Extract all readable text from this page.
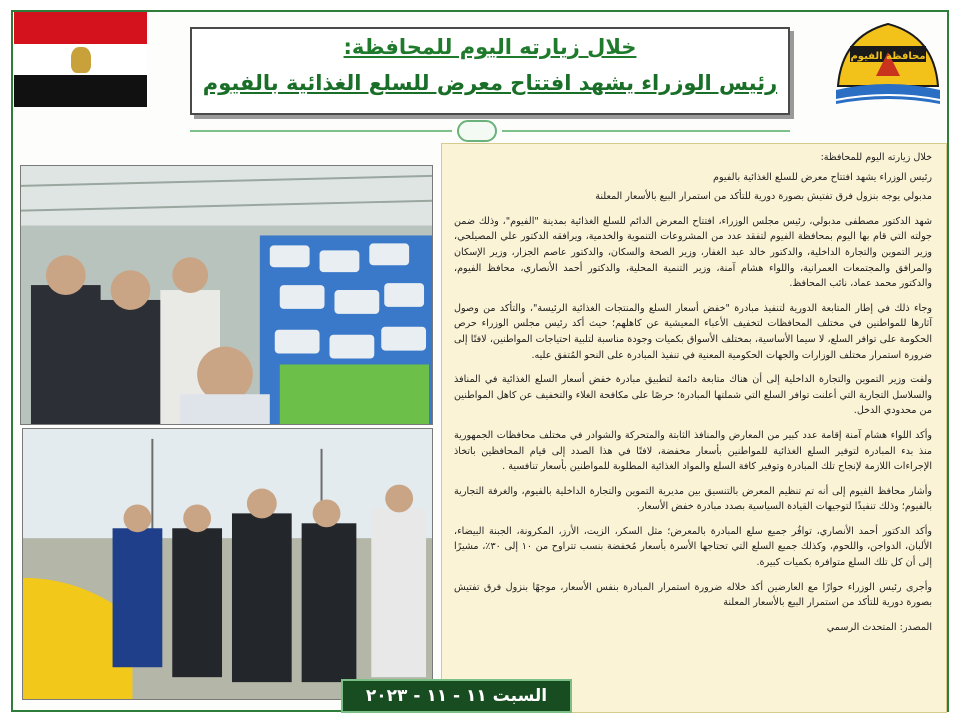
محافظة الفيوم
خلال زيارته اليوم للمحافظة:
رئيس الوزراء يشهد افتتاح معرض للسلع الغذائية بالفيوم

خلال زيارته اليوم للمحافظة:

رئيس الوزراء يشهد افتتاح معرض للسلع الغذائية بالفيوم

مدبولي يوجه بنزول فرق تفتيش بصورة دورية للتأكد من استمرار البيع بالأسعار المعلنة

شهد الدكتور مصطفى مدبولي، رئيس مجلس الوزراء، افتتاح المعرض الدائم للسلع الغذائية بمدينة "الفيوم"، وذلك ضمن جولته التي قام بها اليوم بمحافظة الفيوم لتفقد عدد من المشروعات التنموية والخدمية، ويرافقه الدكتور علي المصيلحي، وزير التموين والتجارة الداخلية، والدكتور خالد عبد الغفار، وزير الصحة والسكان، والدكتور عاصم الجزار، وزير الإسكان والمرافق والمجتمعات العمرانية، واللواء هشام آمنة، وزير التنمية المحلية، والدكتور أحمد الأنصاري، محافظ الفيوم، والدكتور محمد عماد، نائب المحافظ.

وجاء ذلك في إطار المتابعة الدورية لتنفيذ مبادرة "خفض أسعار السلع والمنتجات الغذائية الرئيسة"، والتأكد من وصول آثارها للمواطنين في مختلف المحافظات لتخفيف الأعباء المعيشية عن كاهلهم؛ حيث أكد رئيس مجلس الوزراء حرص الحكومة على توافر السلع، لا سيما الأساسية، بمختلف الأسواق بكميات وجودة مناسبة لتلبية احتياجات المواطنين، لافتًا إلى ضرورة استمرار مختلف الوزارات والجهات الحكومية المعنية في تنفيذ المبادرة على النحو المُتفق عليه.

ولفت وزير التموين والتجارة الداخلية إلى أن هناك متابعة دائمة لتطبيق مبادرة خفض أسعار السلع الغذائية في المنافذ والسلاسل التجارية التي أعلنت توافر السلع التي شملتها المبادرة؛ حرصًا على مكافحة الغلاء والتخفيف عن كاهل المواطنين من محدودي الدخل.

وأكد اللواء هشام آمنة إقامة عدد كبير من المعارض والمنافذ الثابتة والمتحركة والشوادر في مختلف محافظات الجمهورية منذ بدء المبادرة لتوفير السلع الغذائية للمواطنين بأسعار مخفضة، لافتًا في هذا الصدد إلى قيام المحافظين باتخاذ الإجراءات اللازمة لإنجاح تلك المبادرة وتوفير كافة السلع والمواد الغذائية المطلوبة للمواطنين بأسعار تنافسية .

وأشار محافظ الفيوم إلى أنه تم تنظيم المعرض بالتنسيق بين مديرية التموين والتجارة الداخلية بالفيوم، والغرفة التجارية بالفيوم؛ وذلك تنفيذًا لتوجيهات القيادة السياسية بصدد مبادرة خفض الأسعار.

وأكد الدكتور أحمد الأنصاري، توافُر جميع سلع المبادرة بالمعرض؛ مثل السكر، الزيت، الأرز، المكرونة، الجبنة البيضاء، الألبان، الدواجن، واللحوم، وكذلك جميع السلع التي تحتاجها الأسرة بأسعار مُخفضة بنسب تتراوح من ١٠ إلى ٣٠٪، مشيرًا إلى أن كل تلك السلع متوافرة بكميات كبيرة.

وأجرى رئيس الوزراء حوارًا مع العارضين أكد خلاله ضرورة استمرار المبادرة بنفس الأسعار، موجهًا بنزول فرق تفتيش بصورة دورية للتأكد من استمرار البيع بالأسعار المعلنة

المصدر: المتحدث الرسمي

السبت ١١ - ١١ - ٢٠٢٣
